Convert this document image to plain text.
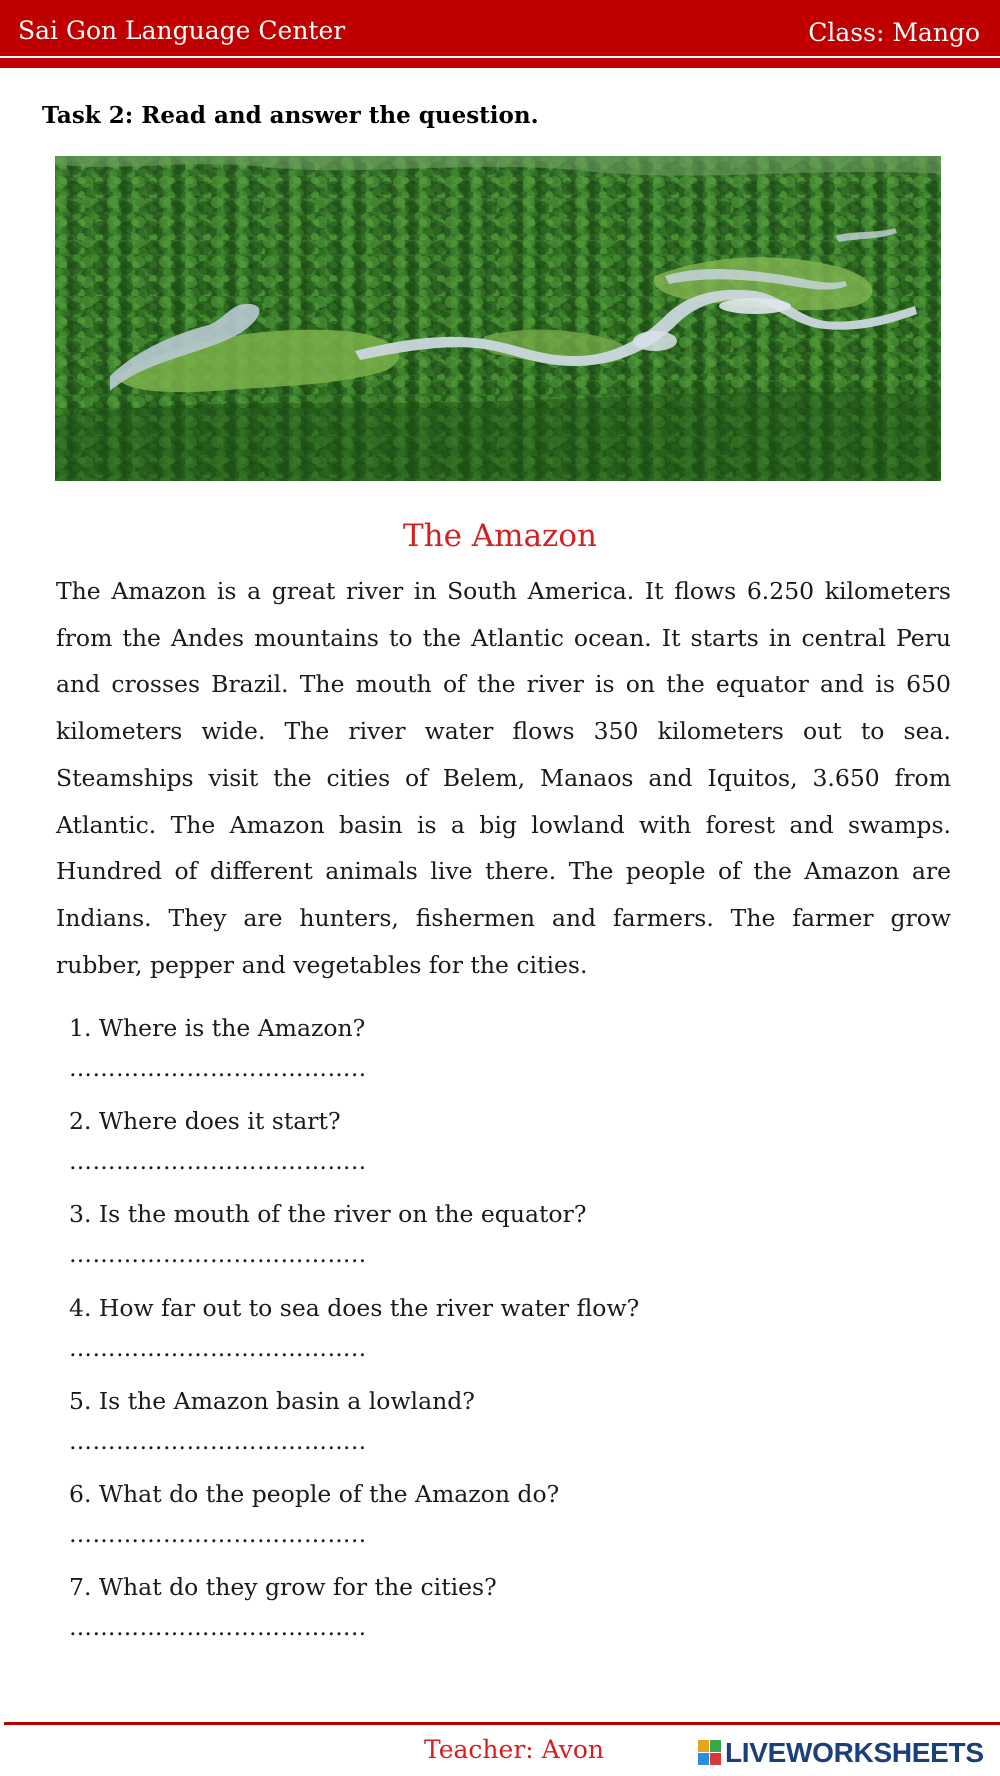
Sai Gon Language Center	Class: Mango
Task 2: Read and answer the question.
The Amazon

The Amazon is a great river in South America. It flows 6.250 kilometers from the Andes mountains to the Atlantic ocean. It starts in central Peru and crosses Brazil. The mouth of the river is on the equator and is 650 kilometers wide. The river water flows 350 kilometers out to sea. Steamships visit the cities of Belem, Manaos and Iquitos, 3.650 from Atlantic. The Amazon basin is a big lowland with forest and swamps. Hundred of different animals live there. The people of the Amazon are Indians. They are hunters, fishermen and farmers. The farmer grow rubber, pepper and vegetables for the cities.

1. Where is the Amazon?
………………………………..
2. Where does it start?
………………………………..
3. Is the mouth of the river on the equator?
………………………………..
4. How far out to sea does the river water flow?
………………………………..
5. Is the Amazon basin a lowland?
………………………………..
6. What do the people of the Amazon do?
………………………………..
7. What do they grow for the cities?
………………………………..
Teacher: Avon	LIVEWORKSHEETS
